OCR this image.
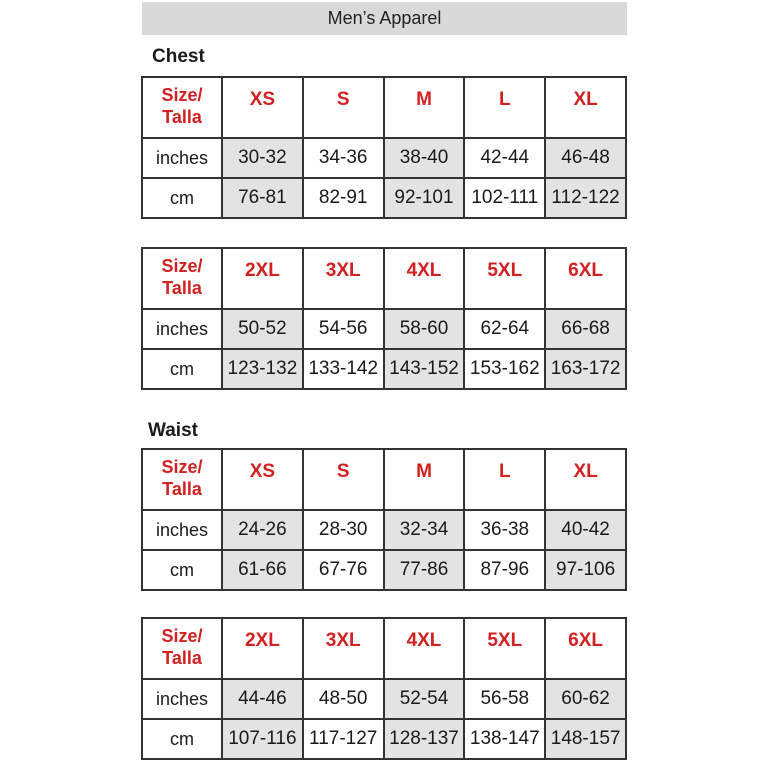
Men’s Apparel
Chest
Size/
Talla	XS	S	M	L	XL
inches	30-32	34-36	38-40	42-44	46-48
cm	76-81	82-91	92-101	102-111	112-122
Size/
Talla	2XL	3XL	4XL	5XL	6XL
inches	50-52	54-56	58-60	62-64	66-68
cm	123-132	133-142	143-152	153-162	163-172
Waist
Size/
Talla	XS	S	M	L	XL
inches	24-26	28-30	32-34	36-38	40-42
cm	61-66	67-76	77-86	87-96	97-106
Size/
Talla	2XL	3XL	4XL	5XL	6XL
inches	44-46	48-50	52-54	56-58	60-62
cm	107-116	117-127	128-137	138-147	148-157
